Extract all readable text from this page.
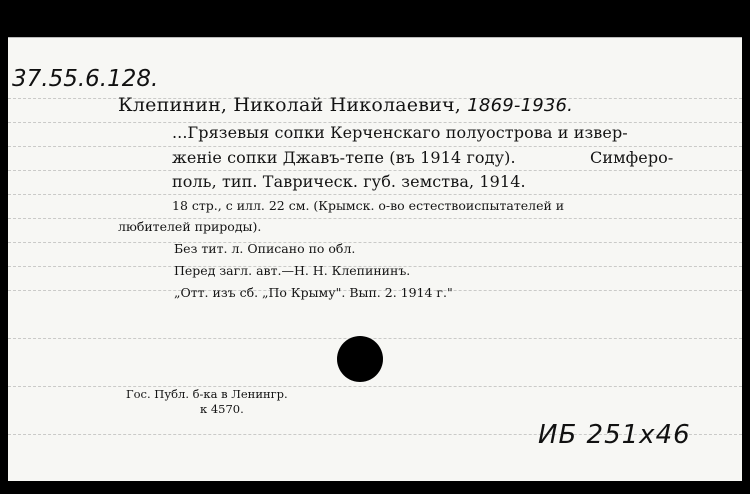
37.55.6.128.
Клепинин, Николай Николаевич, 1869-1936.
...Грязевыя сопки Керченскаго полуострова и извер-
женіе сопки Джавъ-тепе (въ 1914 году).	Симферо-
поль, тип. Таврическ. губ. земства, 1914.
18 стр., с илл. 22 см. (Крымск. о-во естествоиспытателей и
любителей природы).
Без тит. л. Описано по обл.
Перед загл. авт.—Н. Н. Клепининъ.
„Отт. изъ сб. „По Крыму". Вып. 2. 1914 г."
Гос. Публ. б-ка в Ленингр.
к 4570.
ИБ 251х46
